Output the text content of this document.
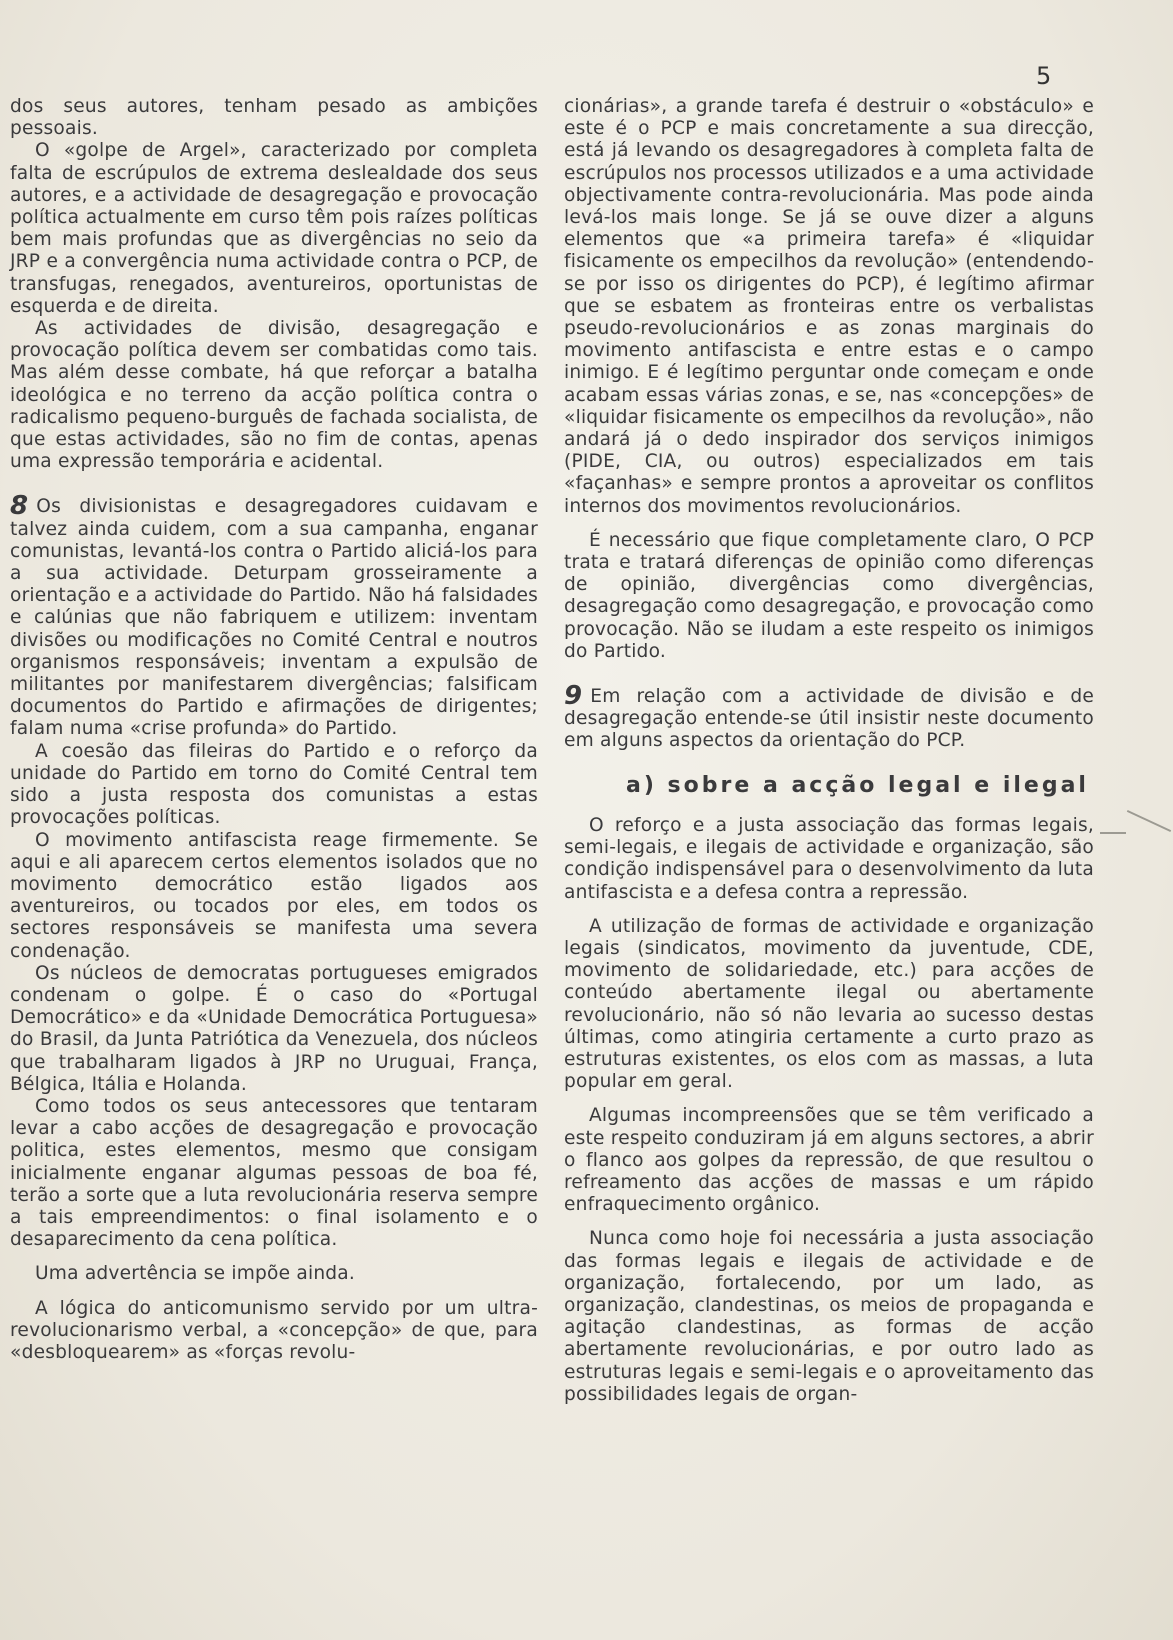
5

dos seus autores, tenham pesado as ambições pessoais.

O «golpe de Argel», caracterizado por completa falta de escrúpulos de extrema deslealdade dos seus autores, e a actividade de desagregação e provocação política actualmente em curso têm pois raízes políticas bem mais profundas que as divergências no seio da JRP e a convergência numa actividade contra o PCP, de transfugas, renegados, aventureiros, oportunistas de esquerda e de direita.

As actividades de divisão, desagregação e provocação política devem ser combatidas como tais. Mas além desse combate, há que reforçar a batalha ideológica e no terreno da acção política contra o radicalismo pequeno-burguês de fachada socialista, de que estas actividades, são no fim de contas, apenas uma expressão temporária e acidental.

8 Os divisionistas e desagregadores cuidavam e talvez ainda cuidem, com a sua campanha, enganar comunistas, levantá-los contra o Partido aliciá-los para a sua actividade. Deturpam grosseiramente a orientação e a actividade do Partido. Não há falsidades e calúnias que não fabriquem e utilizem: inventam divisões ou modificações no Comité Central e noutros organismos responsáveis; inventam a expulsão de militantes por manifestarem divergências; falsificam documentos do Partido e afirmações de dirigentes; falam numa «crise profunda» do Partido.

A coesão das fileiras do Partido e o reforço da unidade do Partido em torno do Comité Central tem sido a justa resposta dos comunistas a estas provocações políticas.

O movimento antifascista reage firmemente. Se aqui e ali aparecem certos elementos isolados que no movimento democrático estão ligados aos aventureiros, ou tocados por eles, em todos os sectores responsáveis se manifesta uma severa condenação.

Os núcleos de democratas portugueses emigrados condenam o golpe. É o caso do «Portugal Democrático» e da «Unidade Democrática Portuguesa» do Brasil, da Junta Patriótica da Venezuela, dos núcleos que trabalharam ligados à JRP no Uruguai, França, Bélgica, Itália e Holanda.

Como todos os seus antecessores que tentaram levar a cabo acções de desagregação e provocação politica, estes elementos, mesmo que consigam inicialmente enganar algumas pessoas de boa fé, terão a sorte que a luta revolucionária reserva sempre a tais empreendimentos: o final isolamento e o desaparecimento da cena política.

Uma advertência se impõe ainda.

A lógica do anticomunismo servido por um ultra-revolucionarismo verbal, a «concepção» de que, para «desbloquearem» as «forças revolu-

cionárias», a grande tarefa é destruir o «obstáculo» e este é o PCP e mais concretamente a sua direcção, está já levando os desagregadores à completa falta de escrúpulos nos processos utilizados e a uma actividade objectivamente contra-revolucionária. Mas pode ainda levá-los mais longe. Se já se ouve dizer a alguns elementos que «a primeira tarefa» é «liquidar fisicamente os empecilhos da revolução» (entendendo-se por isso os dirigentes do PCP), é legítimo afirmar que se esbatem as fronteiras entre os verbalistas pseudo-revolucionários e as zonas marginais do movimento antifascista e entre estas e o campo inimigo. E é legítimo perguntar onde começam e onde acabam essas várias zonas, e se, nas «concepções» de «liquidar fisicamente os empecilhos da revolução», não andará já o dedo inspirador dos serviços inimigos (PIDE, CIA, ou outros) especializados em tais «façanhas» e sempre prontos a aproveitar os conflitos internos dos movimentos revolucionários.

É necessário que fique completamente claro, O PCP trata e tratará diferenças de opinião como diferenças de opinião, divergências como divergências, desagregação como desagregação, e provocação como provocação. Não se iludam a este respeito os inimigos do Partido.

9 Em relação com a actividade de divisão e de desagregação entende-se útil insistir neste documento em alguns aspectos da orientação do PCP.

a) sobre a acção legal e ilegal

O reforço e a justa associação das formas legais, semi-legais, e ilegais de actividade e organização, são condição indispensável para o desenvolvimento da luta antifascista e a defesa contra a repressão.

A utilização de formas de actividade e organização legais (sindicatos, movimento da juventude, CDE, movimento de solidariedade, etc.) para acções de conteúdo abertamente ilegal ou abertamente revolucionário, não só não levaria ao sucesso destas últimas, como atingiria certamente a curto prazo as estruturas existentes, os elos com as massas, a luta popular em geral.

Algumas incompreensões que se têm verificado a este respeito conduziram já em alguns sectores, a abrir o flanco aos golpes da repressão, de que resultou o refreamento das acções de massas e um rápido enfraquecimento orgânico.

Nunca como hoje foi necessária a justa associação das formas legais e ilegais de actividade e de organização, fortalecendo, por um lado, as organização, clandestinas, os meios de propaganda e agitação clandestinas, as formas de acção abertamente revolucionárias, e por outro lado as estruturas legais e semi-legais e o aproveitamento das possibilidades legais de organ-
